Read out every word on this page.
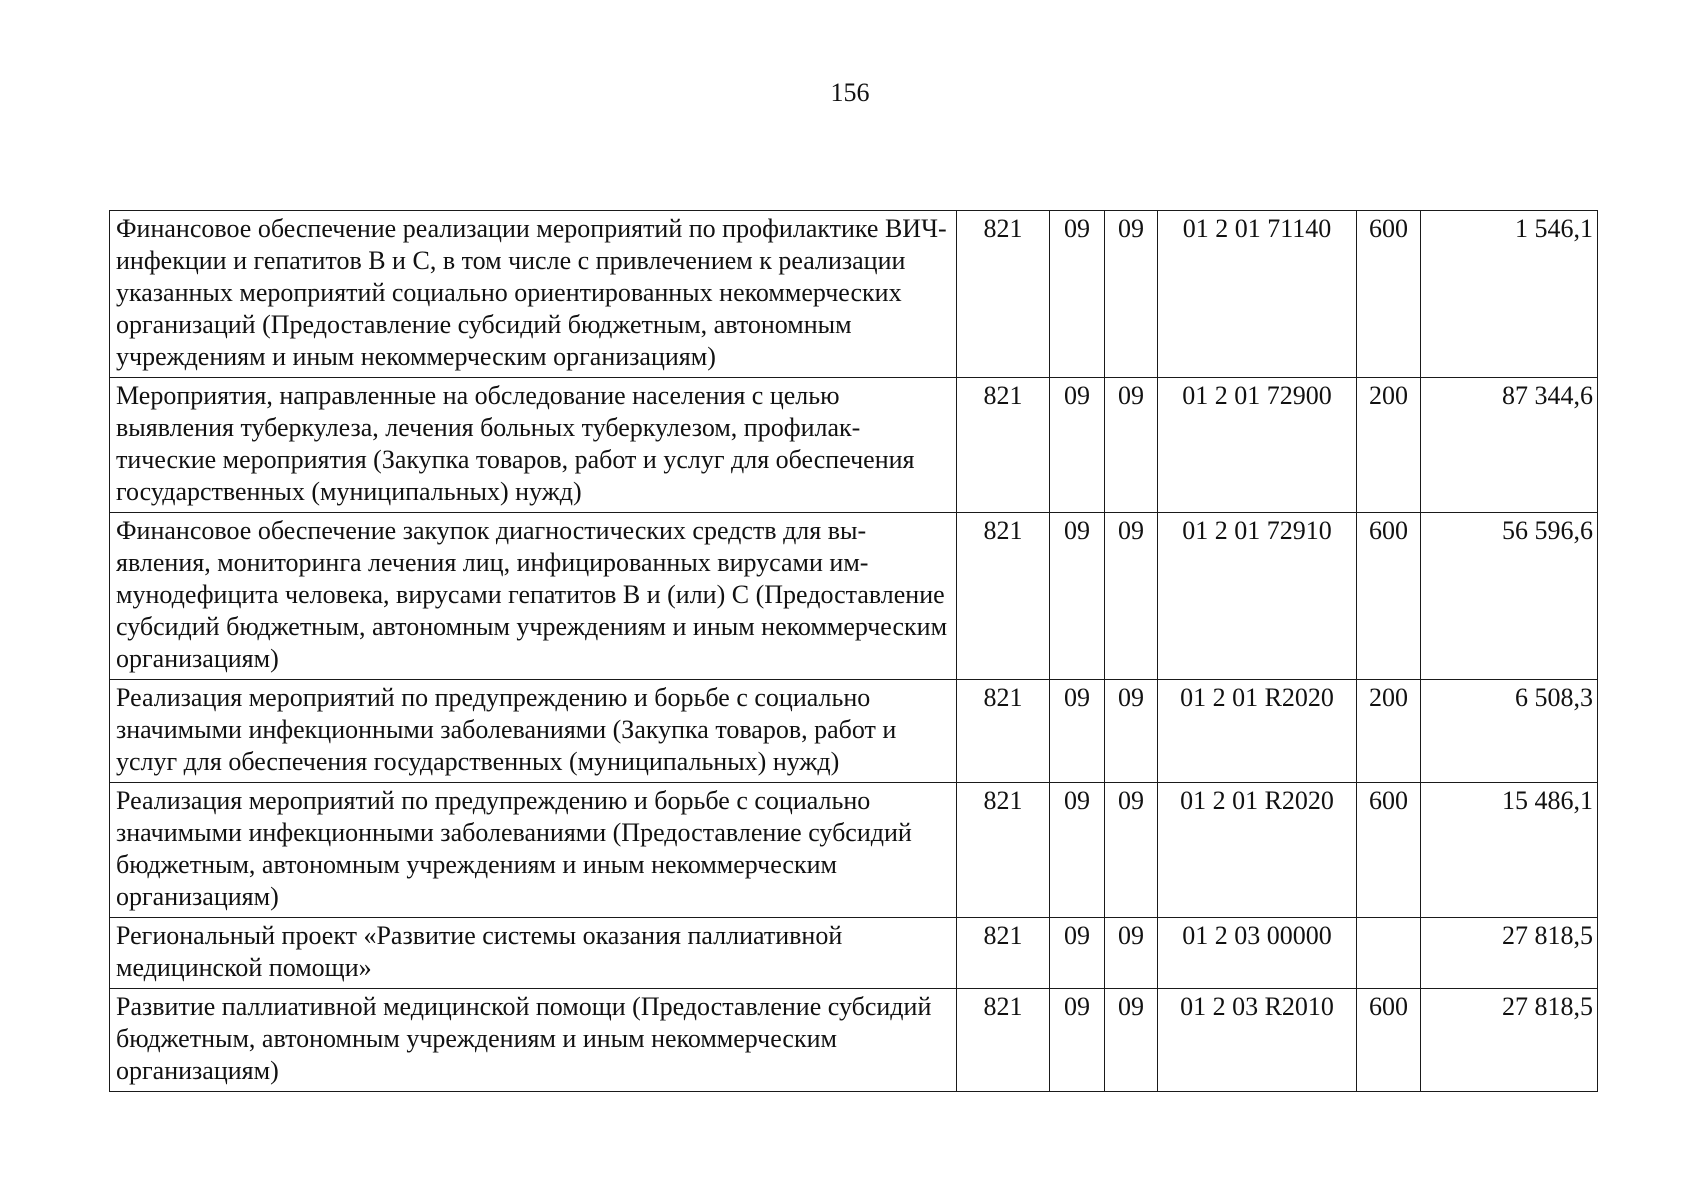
156
Финансовое обеспечение реализации мероприятий по профилактике ВИЧ-инфекции и гепатитов В и С, в том числе с привлечением к реализации указанных мероприятий социально ориентированных некоммерческих организаций (Предоставление субсидий бюджетным, автономным учреждениям и иным некоммерческим организациям)	821	09	09	01 2 01 71140	600	1 546,1
Мероприятия, направленные на обследование населения с целью выявления туберкулеза, лечения больных туберкулезом, профилактические мероприятия (Закупка товаров, работ и услуг для обеспечения государственных (муниципальных) нужд)	821	09	09	01 2 01 72900	200	87 344,6
Финансовое обеспечение закупок диагностических средств для выявления, мониторинга лечения лиц, инфицированных вирусами иммунодефицита человека, вирусами гепатитов В и (или) С (Предоставление субсидий бюджетным, автономным учреждениям и иным некоммерческим организациям)	821	09	09	01 2 01 72910	600	56 596,6
Реализация мероприятий по предупреждению и борьбе с социально значимыми инфекционными заболеваниями (Закупка товаров, работ и услуг для обеспечения государственных (муниципальных) нужд)	821	09	09	01 2 01 R2020	200	6 508,3
Реализация мероприятий по предупреждению и борьбе с социально значимыми инфекционными заболеваниями (Предоставление субсидий бюджетным, автономным учреждениям и иным некоммерческим организациям)	821	09	09	01 2 01 R2020	600	15 486,1
Региональный проект «Развитие системы оказания паллиативной медицинской помощи»	821	09	09	01 2 03 00000		27 818,5
Развитие паллиативной медицинской помощи (Предоставление субсидий бюджетным, автономным учреждениям и иным некоммерческим организациям)	821	09	09	01 2 03 R2010	600	27 818,5
